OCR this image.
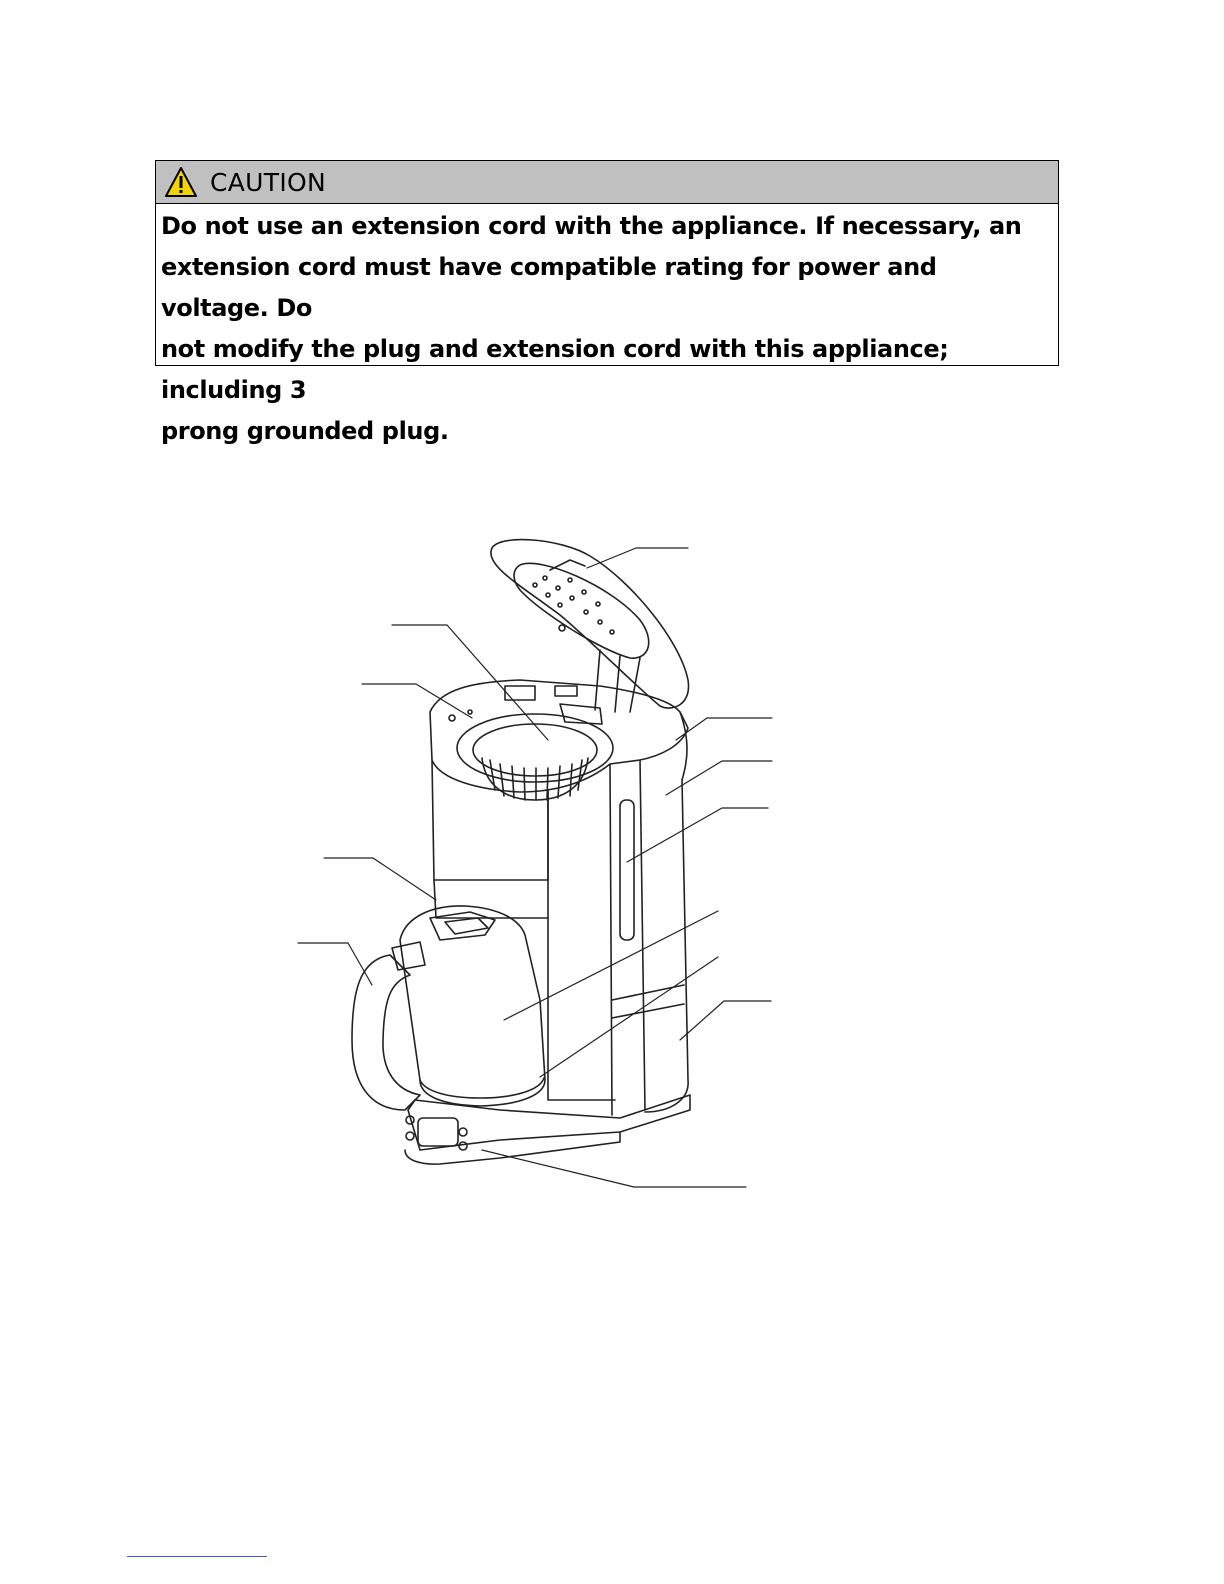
CAUTION
Do not use an extension cord with the appliance. If necessary, an
extension cord must have compatible rating for power and voltage. Do
not modify the plug and extension cord with this appliance; including 3
prong grounded plug.
